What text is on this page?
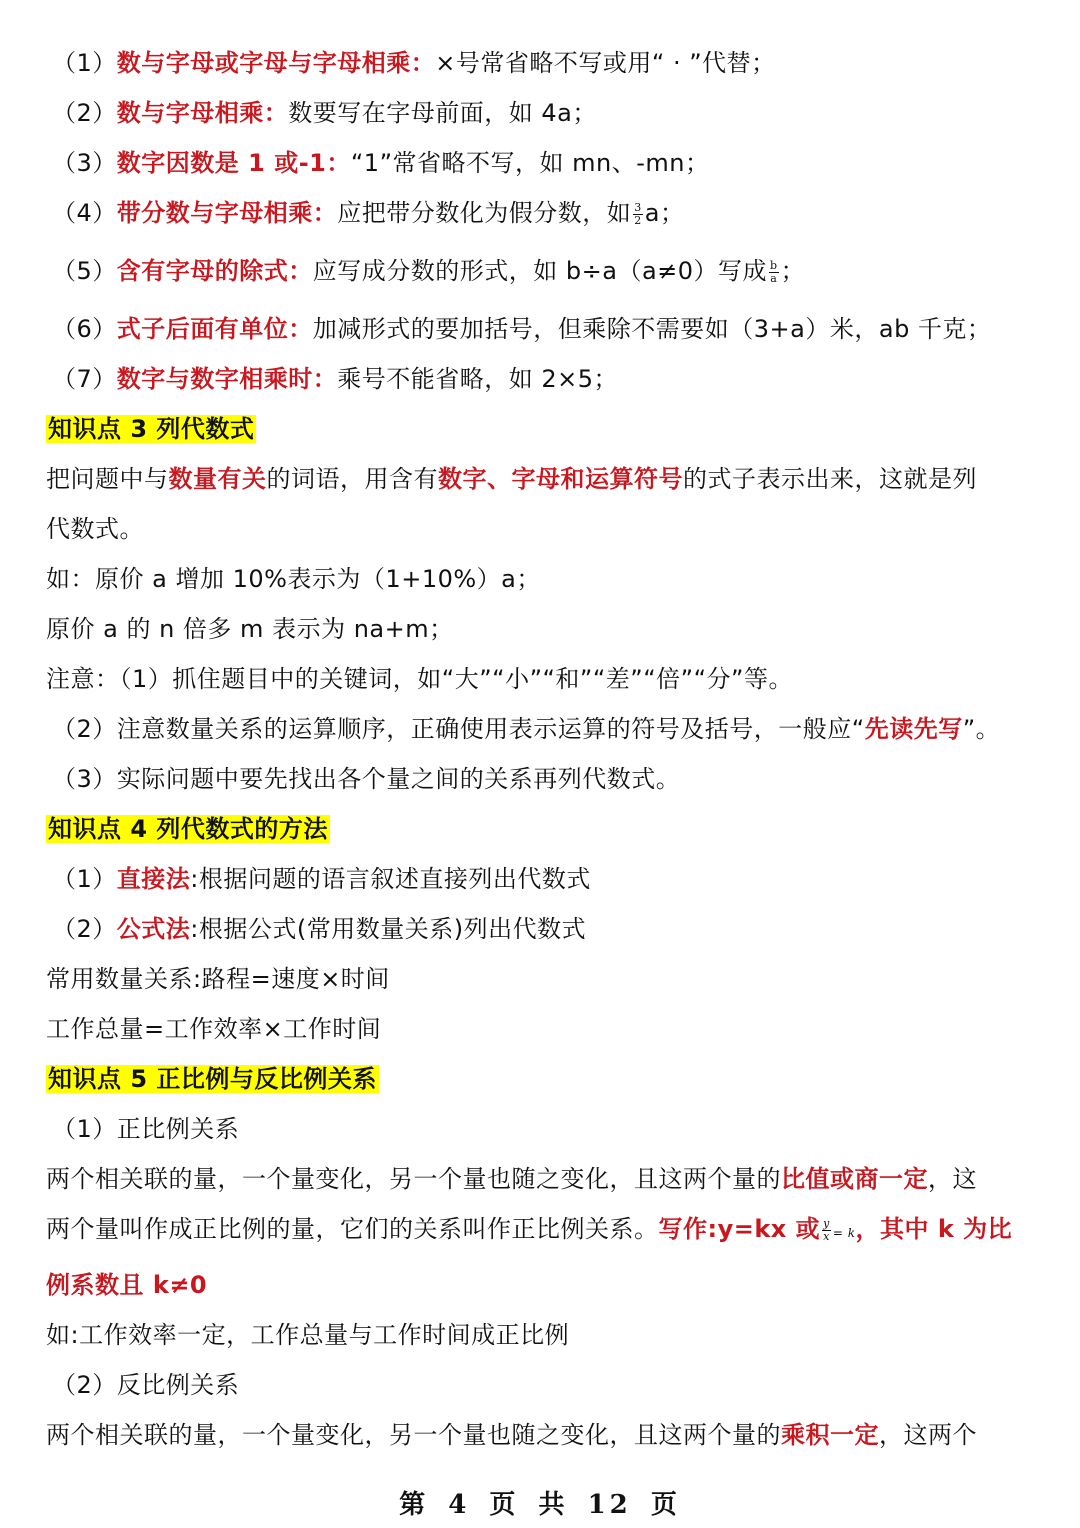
（1）数与字母或字母与字母相乘：×号常省略不写或用“ · ”代替；
（2）数与字母相乘：数要写在字母前面，如 4a；
（3）数字因数是 1 或-1：“1”常省略不写，如 mn、-mn；
（4）带分数与字母相乘：应把带分数化为假分数，如 $\frac{3}{2}$ a；
（5）含有字母的除式：应写成分数的形式，如 b÷a（a≠0）写成 $\frac{b}{a}$ ；
（6）式子后面有单位：加减形式的要加括号，但乘除不需要如（3+a）米，ab 千克；
（7）数字与数字相乘时：乘号不能省略，如 2×5；
知识点 3 列代数式
把问题中与数量有关的词语，用含有数字、字母和运算符号的式子表示出来，这就是列
代数式。
如：原价 a 增加 10%表示为（1+10%）a；
原价 a 的 n 倍多 m 表示为 na+m；
注意：（1）抓住题目中的关键词，如“大”“小”“和”“差”“倍”“分”等。
（2）注意数量关系的运算顺序，正确使用表示运算的符号及括号，一般应“先读先写”。
（3）实际问题中要先找出各个量之间的关系再列代数式。
知识点 4 列代数式的方法
（1）直接法:根据问题的语言叙述直接列出代数式
（2）公式法:根据公式(常用数量关系)列出代数式
常用数量关系:路程=速度×时间
工作总量=工作效率×工作时间
知识点 5 正比例与反比例关系
（1）正比例关系
两个相关联的量，一个量变化，另一个量也随之变化，且这两个量的比值或商一定，这
两个量叫作成正比例的量，它们的关系叫作正比例关系。写作:y=kx 或 $\frac{y}{x} = k$，其中 k 为比
例系数且 k≠0
如:工作效率一定，工作总量与工作时间成正比例
（2）反比例关系
两个相关联的量，一个量变化，另一个量也随之变化，且这两个量的乘积一定，这两个
第 4 页 共 12 页
